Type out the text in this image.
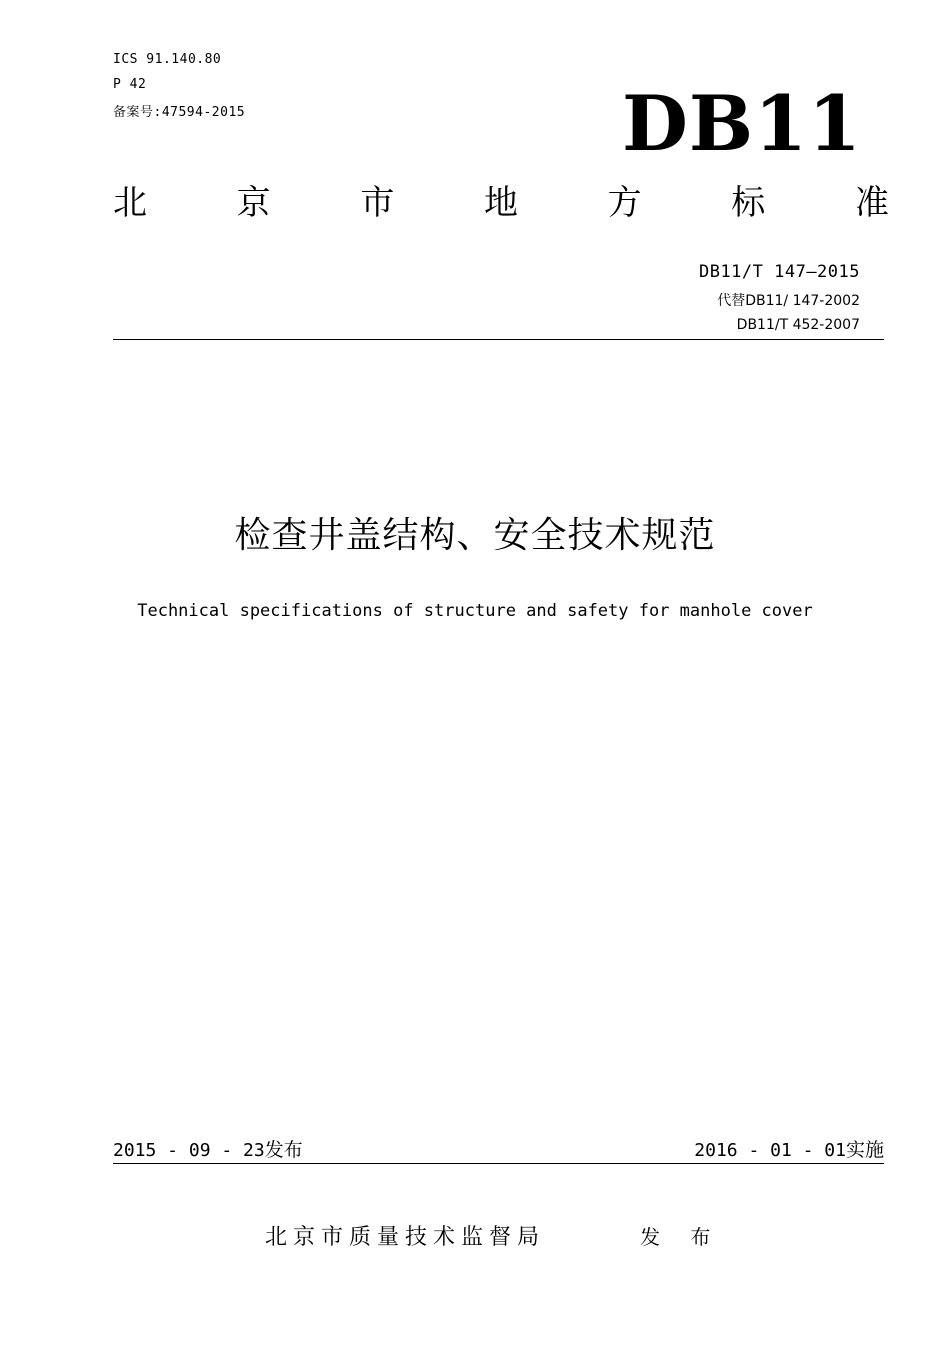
ICS 91.140.80
P 42
备案号:47594-2015	DB11
北	京	市	地	方	标	准
DB11/T 147—2015
代替DB11/ 147-2002
DB11/T 452-2007
检查井盖结构、安全技术规范
Technical specifications of structure and safety for manhole cover
2015 - 09 - 23发布	2016 - 01 - 01实施
北京市质量技术监督局	发 布
